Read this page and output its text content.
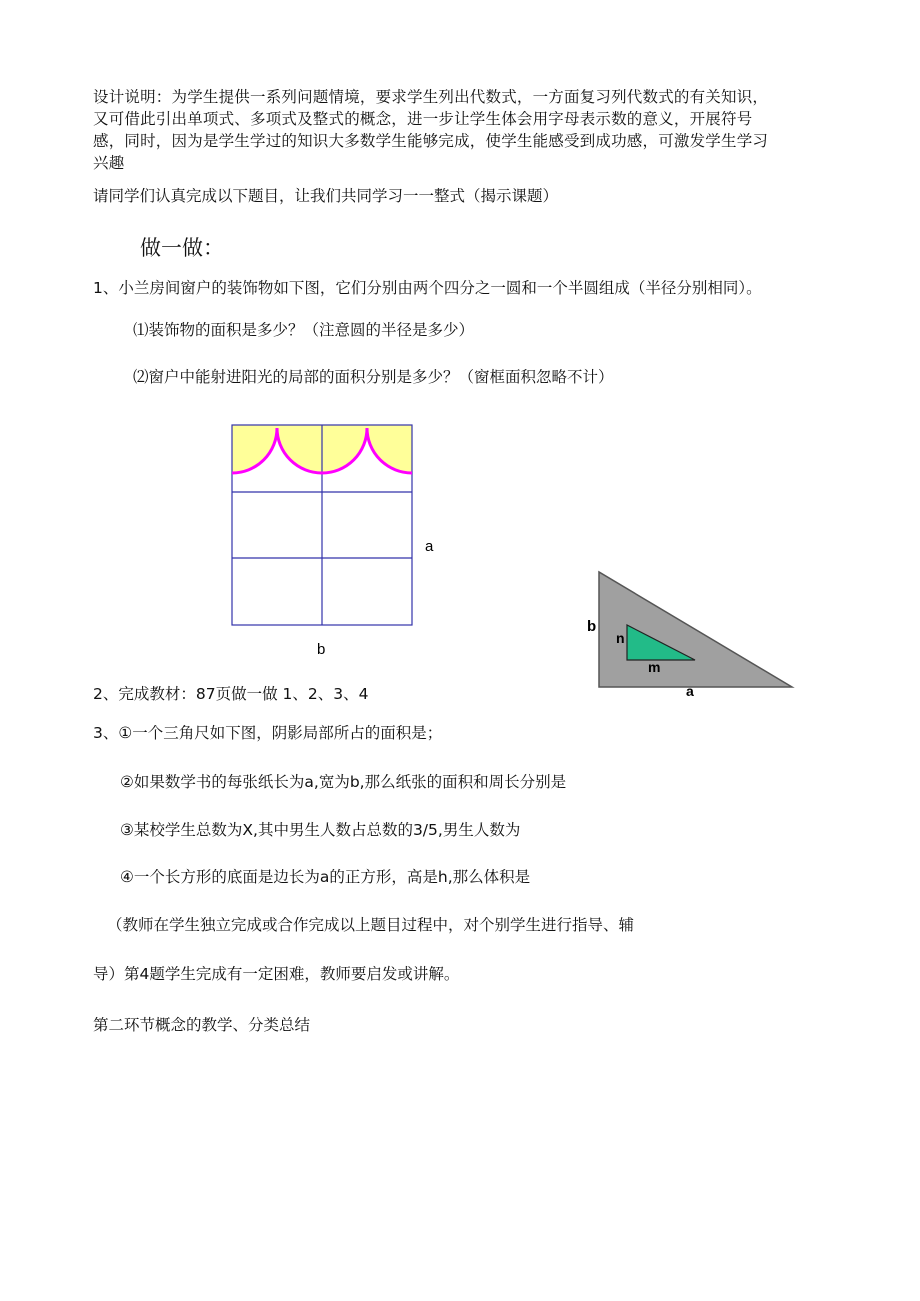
设计说明：为学生提供一系列问题情境，要求学生列出代数式，一方面复习列代数式的有关知识，
又可借此引出单项式、多项式及整式的概念，进一步让学生体会用字母表示数的意义，开展符号
感，同时，因为是学生学过的知识大多数学生能够完成，使学生能感受到成功感，可激发学生学习
兴趣
请同学们认真完成以下题目，让我们共同学习一一整式（揭示课题）
做一做：
1、小兰房间窗户的装饰物如下图，它们分别由两个四分之一圆和一个半圆组成（半径分别相同）。
⑴装饰物的面积是多少？（注意圆的半径是多少）
⑵窗户中能射进阳光的局部的面积分别是多少？（窗框面积忽略不计）
a
b
b
n
m
a
2、完成教材：87页做一做 1、2、3、4
3、①一个三角尺如下图，阴影局部所占的面积是；
②如果数学书的每张纸长为a,宽为b,那么纸张的面积和周长分别是
③某校学生总数为X,其中男生人数占总数的3/5,男生人数为
④一个长方形的底面是边长为a的正方形，高是h,那么体积是
（教师在学生独立完成或合作完成以上题目过程中，对个别学生进行指导、辅
导）第4题学生完成有一定困难，教师要启发或讲解。
第二环节概念的教学、分类总结
